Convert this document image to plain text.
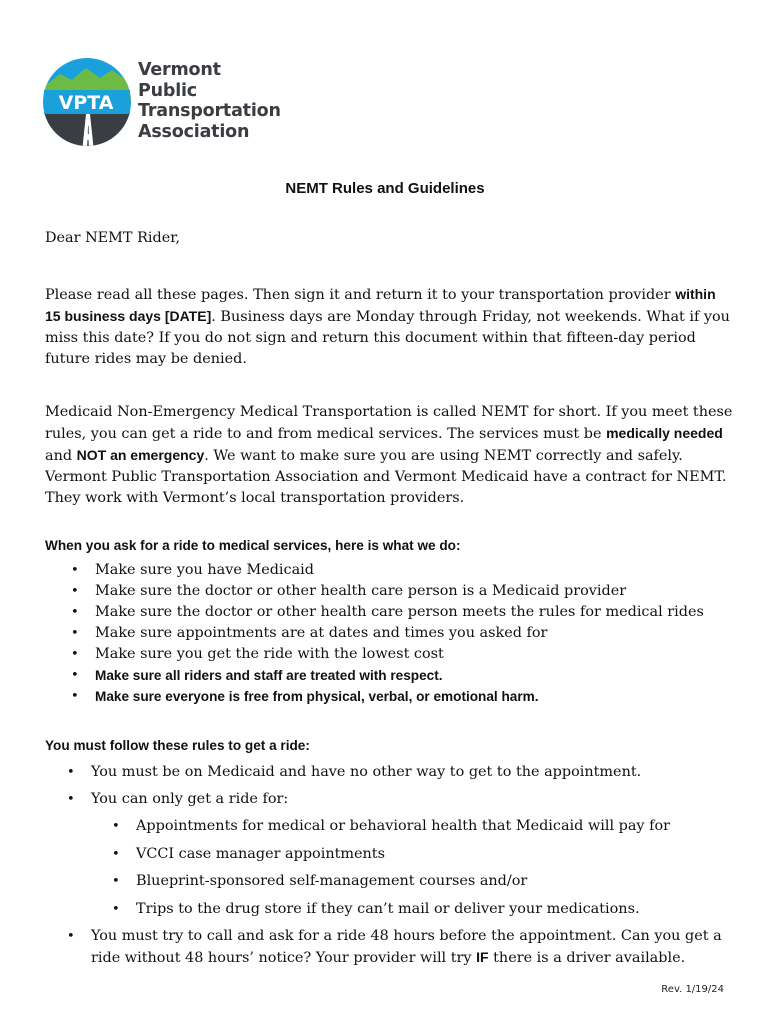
VPTA
Vermont
Public
Transportation
Association
NEMT Rules and Guidelines
Dear NEMT Rider,
Please read all these pages. Then sign it and return it to your transportation provider within 15 business days [DATE]. Business days are Monday through Friday, not weekends. What if you miss this date? If you do not sign and return this document within that fifteen-day period future rides may be denied.
Medicaid Non-Emergency Medical Transportation is called NEMT for short. If you meet these rules, you can get a ride to and from medical services. The services must be medically needed and NOT an emergency. We want to make sure you are using NEMT correctly and safely. Vermont Public Transportation Association and Vermont Medicaid have a contract for NEMT. They work with Vermont’s local transportation providers.
When you ask for a ride to medical services, here is what we do:
• Make sure you have Medicaid
• Make sure the doctor or other health care person is a Medicaid provider
• Make sure the doctor or other health care person meets the rules for medical rides
• Make sure appointments are at dates and times you asked for
• Make sure you get the ride with the lowest cost
• Make sure all riders and staff are treated with respect.
• Make sure everyone is free from physical, verbal, or emotional harm.
You must follow these rules to get a ride:
• You must be on Medicaid and have no other way to get to the appointment.
• You can only get a ride for:
• Appointments for medical or behavioral health that Medicaid will pay for
• VCCI case manager appointments
• Blueprint-sponsored self-management courses and/or
• Trips to the drug store if they can’t mail or deliver your medications.
• You must try to call and ask for a ride 48 hours before the appointment. Can you get a ride without 48 hours’ notice? Your provider will try IF there is a driver available.
Rev. 1/19/24
